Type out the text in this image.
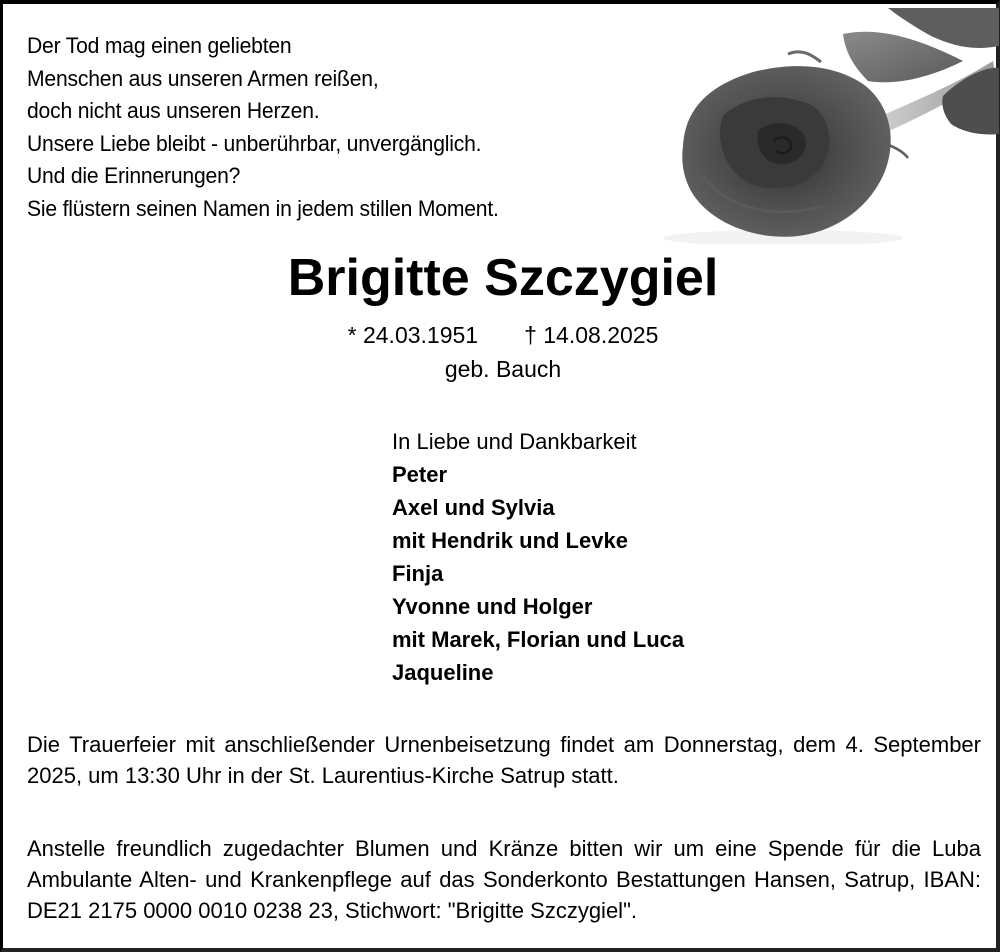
Der Tod mag einen geliebten
Menschen aus unseren Armen reißen,
doch nicht aus unseren Herzen.
Unsere Liebe bleibt - unberührbar, unvergänglich.
Und die Erinnerungen?
Sie flüstern seinen Namen in jedem stillen Moment.
Brigitte Szczygiel
* 24.03.1951 † 14.08.2025
geb. Bauch
In Liebe und Dankbarkeit
Peter
Axel und Sylvia
mit Hendrik und Levke
Finja
Yvonne und Holger
mit Marek, Florian und Luca
Jaqueline
Die Trauerfeier mit anschließender Urnenbeisetzung findet am Donnerstag, dem 4. September 2025, um 13:30 Uhr in der St. Laurentius-Kirche Satrup statt.
Anstelle freundlich zugedachter Blumen und Kränze bitten wir um eine Spende für die Luba Ambulante Alten- und Krankenpflege auf das Sonderkonto Bestattungen Hansen, Satrup, IBAN: DE21 2175 0000 0010 0238 23, Stichwort: "Brigitte Szczygiel".
